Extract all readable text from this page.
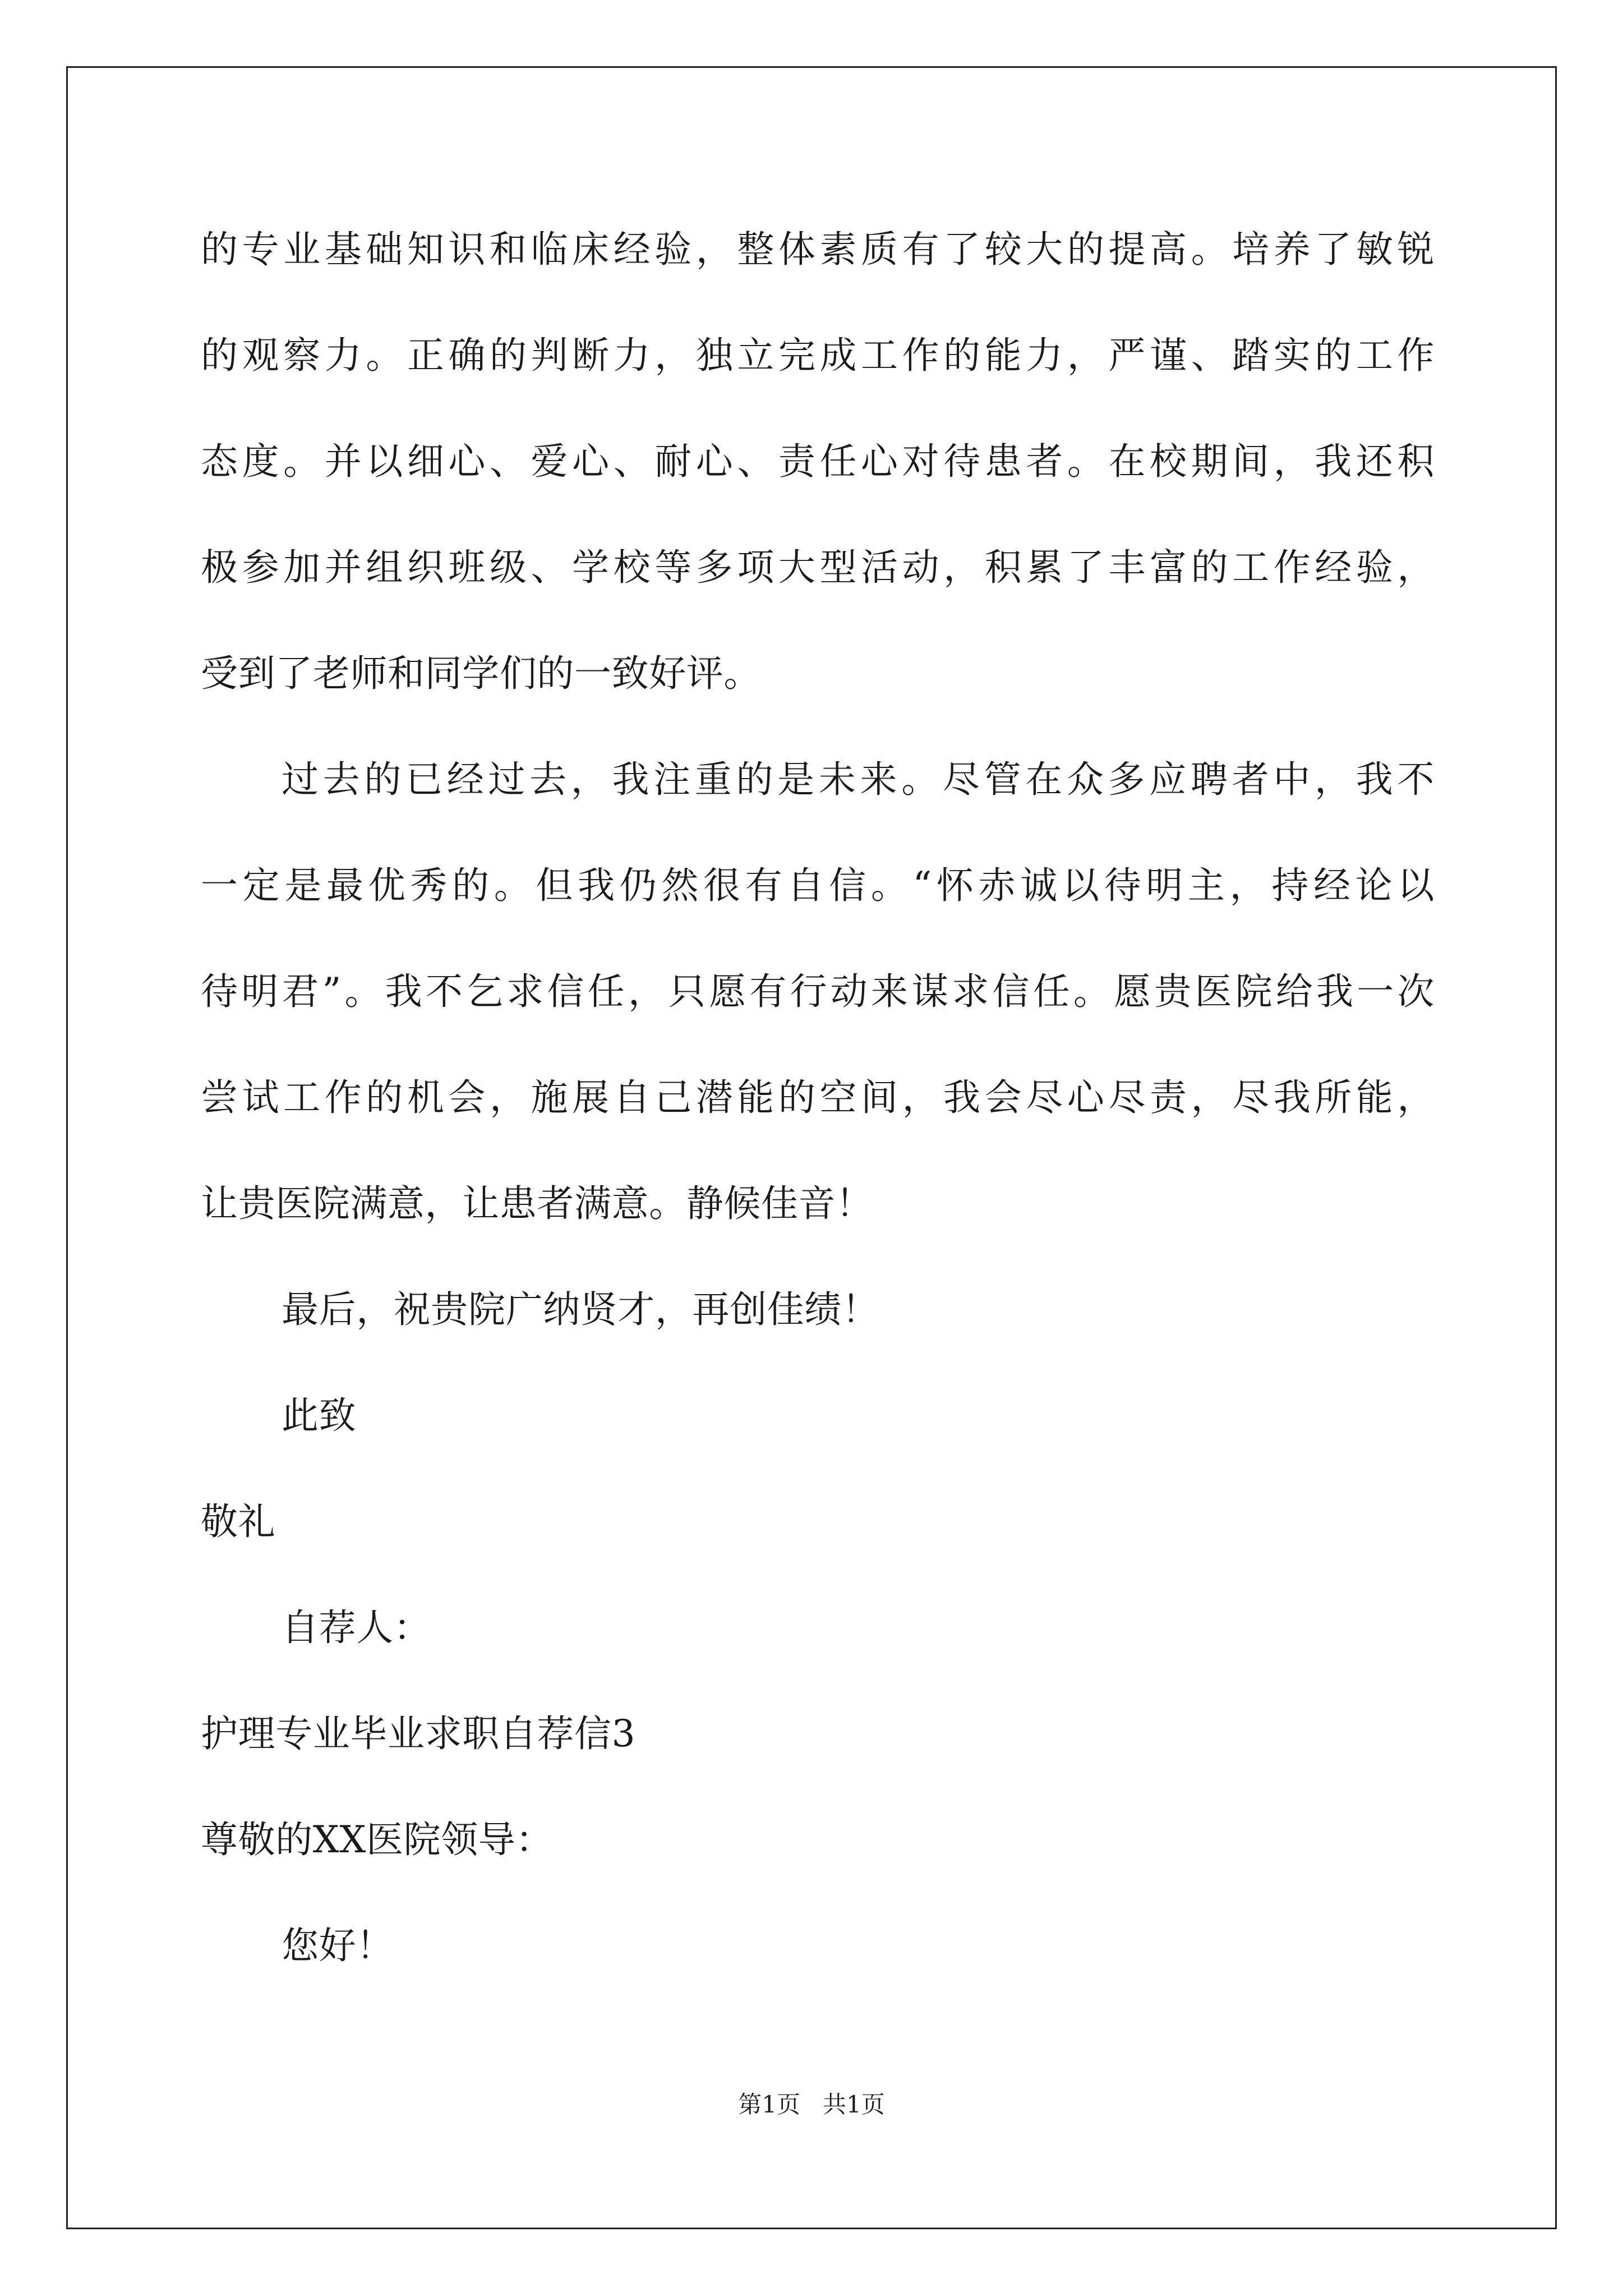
的专业基础知识和临床经验，整体素质有了较大的提高。培养了敏锐
的观察力。正确的判断力，独立完成工作的能力，严谨、踏实的工作
态度。并以细心、爱心、耐心、责任心对待患者。在校期间，我还积
极参加并组织班级、学校等多项大型活动，积累了丰富的工作经验，
受到了老师和同学们的一致好评。
过去的已经过去，我注重的是未来。尽管在众多应聘者中，我不
一定是最优秀的。但我仍然很有自信。“怀赤诚以待明主，持经论以
待明君”。我不乞求信任，只愿有行动来谋求信任。愿贵医院给我一次
尝试工作的机会，施展自己潜能的空间，我会尽心尽责，尽我所能，
让贵医院满意，让患者满意。静候佳音！
最后，祝贵院广纳贤才，再创佳绩！
此致
敬礼
自荐人：
护理专业毕业求职自荐信3
尊敬的XX医院领导：
您好！
第1页   共1页
